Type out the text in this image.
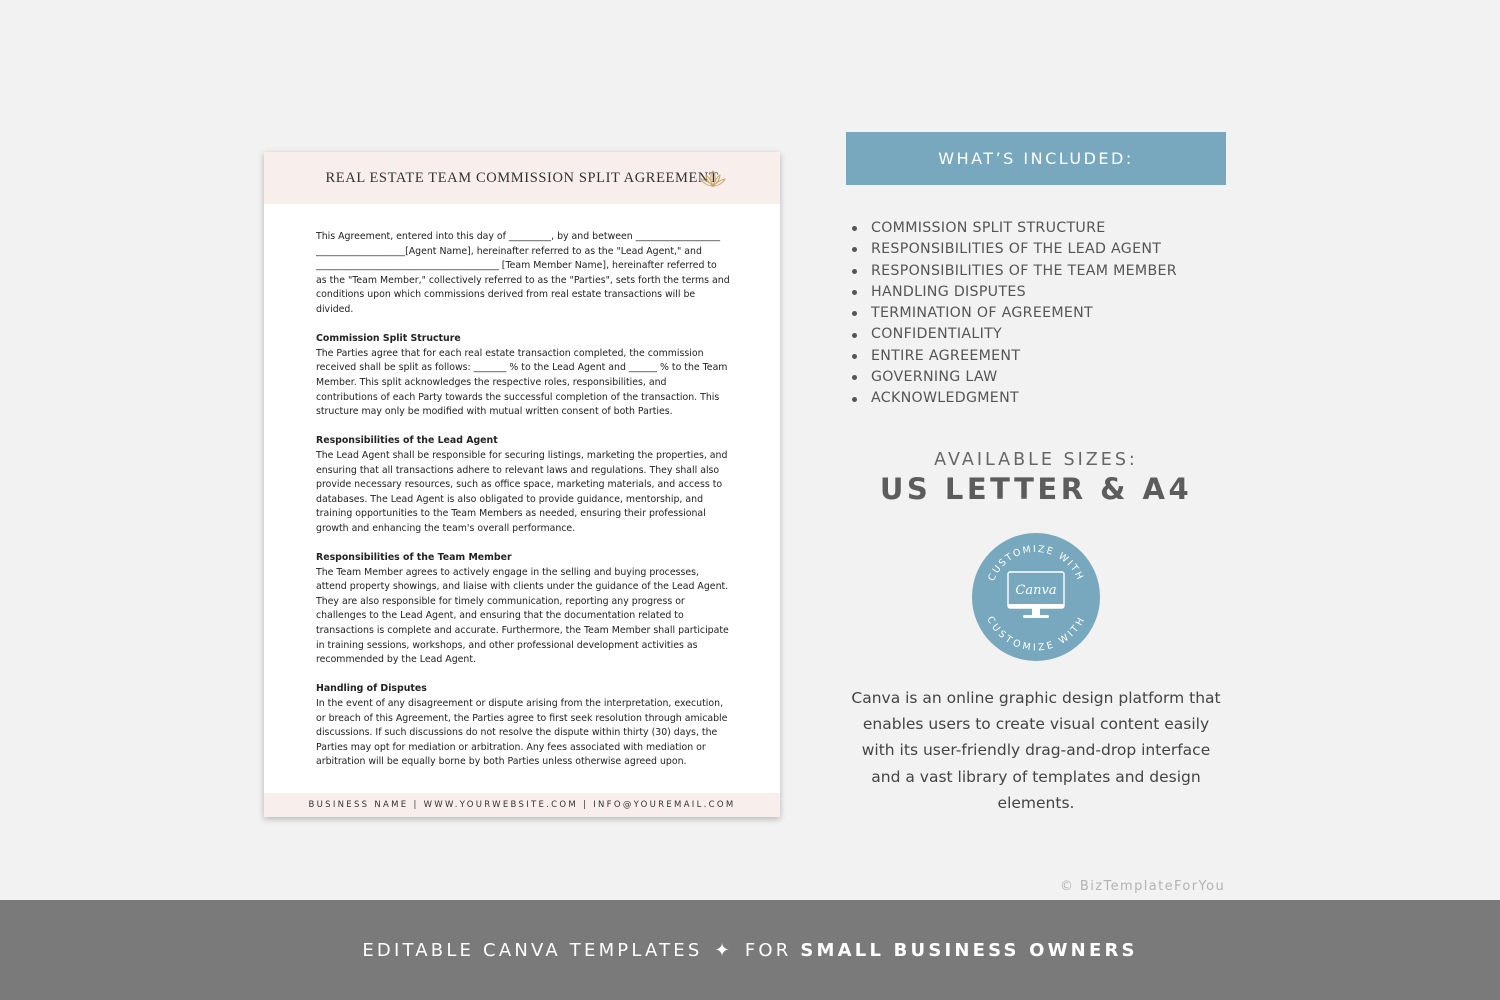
REAL ESTATE TEAM COMMISSION SPLIT AGREEMENT

This Agreement, entered into this day of _________, by and between __________________ ___________________[Agent Name], hereinafter referred to as the "Lead Agent," and _______________________________________ [Team Member Name], hereinafter referred to as the "Team Member," collectively referred to as the "Parties", sets forth the terms and conditions upon which commissions derived from real estate transactions will be divided.

Commission Split Structure

The Parties agree that for each real estate transaction completed, the commission received shall be split as follows: _______ % to the Lead Agent and ______ % to the Team Member. This split acknowledges the respective roles, responsibilities, and contributions of each Party towards the successful completion of the transaction. This structure may only be modified with mutual written consent of both Parties.

Responsibilities of the Lead Agent

The Lead Agent shall be responsible for securing listings, marketing the properties, and ensuring that all transactions adhere to relevant laws and regulations. They shall also provide necessary resources, such as office space, marketing materials, and access to databases. The Lead Agent is also obligated to provide guidance, mentorship, and training opportunities to the Team Members as needed, ensuring their professional growth and enhancing the team's overall performance.

Responsibilities of the Team Member

The Team Member agrees to actively engage in the selling and buying processes, attend property showings, and liaise with clients under the guidance of the Lead Agent. They are also responsible for timely communication, reporting any progress or challenges to the Lead Agent, and ensuring that the documentation related to transactions is complete and accurate. Furthermore, the Team Member shall participate in training sessions, workshops, and other professional development activities as recommended by the Lead Agent.

Handling of Disputes

In the event of any disagreement or dispute arising from the interpretation, execution, or breach of this Agreement, the Parties agree to first seek resolution through amicable discussions. If such discussions do not resolve the dispute within thirty (30) days, the Parties may opt for mediation or arbitration. Any fees associated with mediation or arbitration will be equally borne by both Parties unless otherwise agreed upon.

BUSINESS NAME | WWW.YOURWEBSITE.COM | INFO@YOUREMAIL.COM
WHAT’S INCLUDED:
COMMISSION SPLIT STRUCTURE
RESPONSIBILITIES OF THE LEAD AGENT
RESPONSIBILITIES OF THE TEAM MEMBER
HANDLING DISPUTES
TERMINATION OF AGREEMENT
CONFIDENTIALITY
ENTIRE AGREEMENT
GOVERNING LAW
ACKNOWLEDGMENT
AVAILABLE SIZES:
US LETTER & A4
CUSTOMIZE WITH
CUSTOMIZE WITH
Canva

Canva is an online graphic design platform that enables users to create visual content easily with its user-friendly drag-and-drop interface and a vast library of templates and design elements.

© BizTemplateForYou
EDITABLE CANVA TEMPLATES ✦ FOR
SMALL BUSINESS OWNERS
